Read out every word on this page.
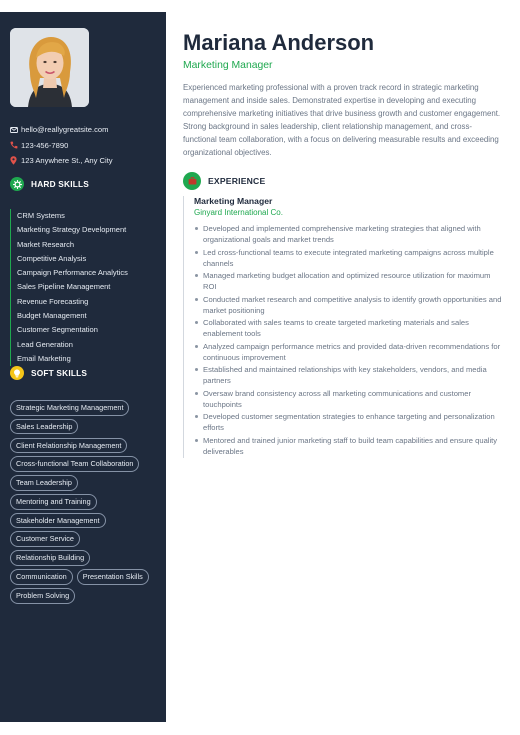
hello@reallygreatsite.com
123-456-7890
123 Anywhere St., Any City
HARD SKILLS
CRM Systems
Marketing Strategy Development
Market Research
Competitive Analysis
Campaign Performance Analytics
Sales Pipeline Management
Revenue Forecasting
Budget Management
Customer Segmentation
Lead Generation
Email Marketing
SOFT SKILLS
Strategic Marketing Management
Sales Leadership
Client Relationship Management
Cross-functional Team Collaboration
Team Leadership
Mentoring and Training
Stakeholder Management
Customer Service
Relationship Building
Communication	Presentation Skills
Problem Solving
Mariana Anderson
Marketing Manager

Experienced marketing professional with a proven track record in strategic marketing management and inside sales. Demonstrated expertise in developing and executing comprehensive marketing initiatives that drive business growth and customer engagement. Strong background in sales leadership, client relationship management, and cross-functional team collaboration, with a focus on delivering measurable results and exceeding organizational objectives.

EXPERIENCE
Marketing Manager
Ginyard International Co.
Developed and implemented comprehensive marketing strategies that aligned with organizational goals and market trends
Led cross-functional teams to execute integrated marketing campaigns across multiple channels
Managed marketing budget allocation and optimized resource utilization for maximum ROI
Conducted market research and competitive analysis to identify growth opportunities and market positioning
Collaborated with sales teams to create targeted marketing materials and sales enablement tools
Analyzed campaign performance metrics and provided data-driven recommendations for continuous improvement
Established and maintained relationships with key stakeholders, vendors, and media partners
Oversaw brand consistency across all marketing communications and customer touchpoints
Developed customer segmentation strategies to enhance targeting and personalization efforts
Mentored and trained junior marketing staff to build team capabilities and ensure quality deliverables
